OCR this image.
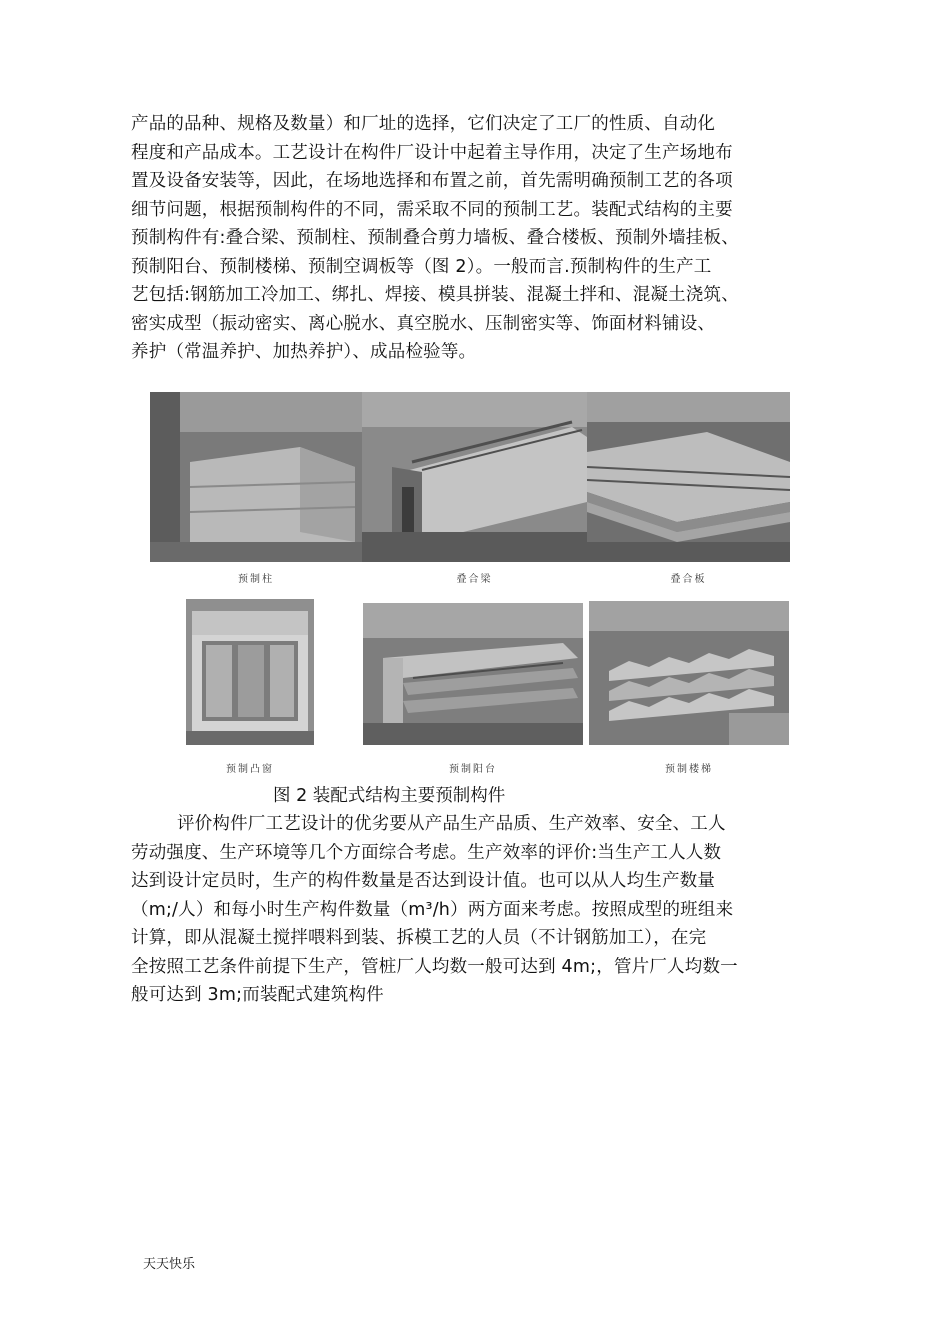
产品的品种、规格及数量）和厂址的选择，它们决定了工厂的性质、自动化
程度和产品成本。工艺设计在构件厂设计中起着主导作用，决定了生产场地布
置及设备安装等，因此，在场地选择和布置之前，首先需明确预制工艺的各项
细节问题，根据预制构件的不同，需采取不同的预制工艺。装配式结构的主要
预制构件有:叠合梁、预制柱、预制叠合剪力墙板、叠合楼板、预制外墙挂板、
预制阳台、预制楼梯、预制空调板等（图 2）。一般而言.预制构件的生产工
艺包括:钢筋加工冷加工、绑扎、焊接、模具拼装、混凝土拌和、混凝土浇筑、
密实成型（振动密实、离心脱水、真空脱水、压制密实等、饰面材料铺设、
养护（常温养护、加热养护）、成品检验等。
预制柱	叠合梁	叠合板
预制凸窗	预制阳台	预制楼梯
图 2 装配式结构主要预制构件
评价构件厂工艺设计的优劣要从产品生产品质、生产效率、安全、工人
劳动强度、生产环境等几个方面综合考虑。生产效率的评价:当生产工人人数
达到设计定员时，生产的构件数量是否达到设计值。也可以从人均生产数量
（m;/人）和每小时生产构件数量（m³/h）两方面来考虑。按照成型的班组来
计算，即从混凝土搅拌喂料到装、拆模工艺的人员（不计钢筋加工），在完
全按照工艺条件前提下生产，管桩厂人均数一般可达到 4m;，管片厂人均数一
般可达到 3m;而装配式建筑构件
天天快乐
